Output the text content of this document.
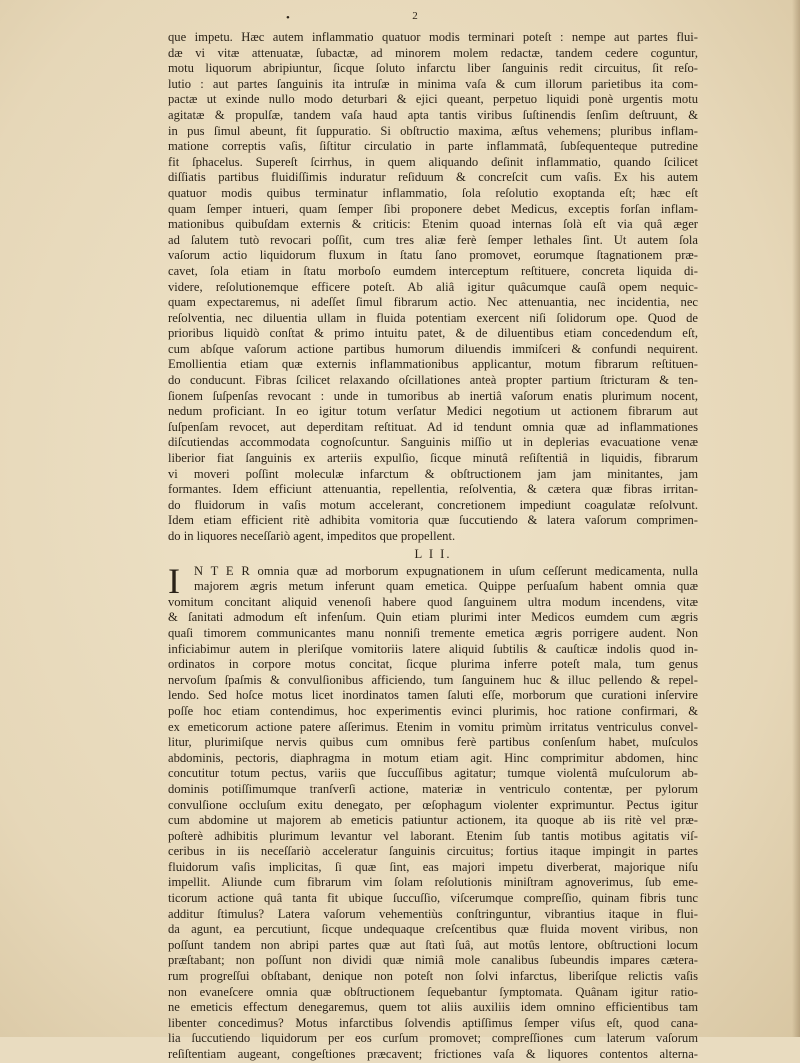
•	2
que impetu. Hæc autem inflammatio quatuor modis terminari poteſt : nempe aut partes flui-
dæ vi vitæ attenuatæ, ſubactæ, ad minorem molem redactæ, tandem cedere coguntur,
motu liquorum abripiuntur, ſicque ſoluto infarctu liber ſanguinis redit circuitus, ſit reſo-
lutio : aut partes ſanguinis ita intruſæ in minima vaſa & cum illorum parietibus ita com-
pactæ ut exinde nullo modo deturbari & ejici queant, perpetuo liquidi ponè urgentis motu
agitatæ & propulſæ, tandem vaſa haud apta tantis viribus ſuſtinendis ſenſim deſtruunt, &
in pus ſimul abeunt, fit ſuppuratio. Si obſtructio maxima, æſtus vehemens; pluribus inflam-
matione correptis vaſis, ſiſtitur circulatio in parte inflammatâ, ſubſequenteque putredine
fit ſphacelus. Supereſt ſcirrhus, in quem aliquando deſinit inflammatio, quando ſcilicet
diſſiatis partibus fluidiſſimis induratur reſiduum & concreſcit cum vaſis. Ex his autem
quatuor modis quibus terminatur inflammatio, ſola reſolutio exoptanda eſt; hæc eſt
quam ſemper intueri, quam ſemper ſibi proponere debet Medicus, exceptis forſan inflam-
mationibus quibuſdam externis & criticis: Etenim quoad internas ſolà eſt via quâ æger
ad ſalutem tutò revocari poſſit, cum tres aliæ ferè ſemper lethales ſint. Ut autem ſola
vaſorum actio liquidorum fluxum in ſtatu ſano promovet, eorumque ſtagnationem præ-
cavet, ſola etiam in ſtatu morboſo eumdem interceptum reſtituere, concreta liquida di-
videre, reſolutionemque efficere poteſt. Ab aliâ igitur quâcumque cauſâ opem nequic-
quam expectaremus, ni adeſſet ſimul fibrarum actio. Nec attenuantia, nec incidentia, nec
reſolventia, nec diluentia ullam in fluida potentiam exercent niſi ſolidorum ope. Quod de
prioribus liquidò conſtat & primo intuitu patet, & de diluentibus etiam concedendum eſt,
cum abſque vaſorum actione partibus humorum diluendis immiſceri & confundi nequirent.
Emollientia etiam quæ externis inflammationibus applicantur, motum fibrarum reſtituen-
do conducunt. Fibras ſcilicet relaxando oſcillationes anteà propter partium ſtricturam & ten-
ſionem ſuſpenſas revocant : unde in tumoribus ab inertiâ vaſorum enatis plurimum nocent,
nedum proficiant. In eo igitur totum verſatur Medici negotium ut actionem fibrarum aut
ſuſpenſam revocet, aut deperditam reſtituat. Ad id tendunt omnia quæ ad inflammationes
diſcutiendas accommodata cognoſcuntur. Sanguinis miſſio ut in deplerias evacuatione venæ
liberior fiat ſanguinis ex arteriis expulſio, ſicque minutâ reſiſtentiâ in liquidis, fibrarum
vi moveri poſſint moleculæ infarctum & obſtructionem jam jam minitantes, jam
formantes. Idem efficiunt attenuantia, repellentia, reſolventia, & cætera quæ fibras irritan-
do fluidorum in vaſis motum accelerant, concretionem impediunt coagulatæ reſolvunt.
Idem etiam efficient ritè adhibita vomitoria quæ ſuccutiendo & latera vaſorum comprimen-
do in liquores neceſſariò agent, impeditos que propellent.
L I I.
I	N T E R omnia quæ ad morborum expugnationem in uſum ceſſerunt medicamenta, nulla
majorem ægris metum inferunt quam emetica. Quippe perſuaſum habent omnia quæ
vomitum concitant aliquid venenoſi habere quod ſanguinem ultra modum incendens, vitæ
& ſanitati admodum eſt infenſum. Quin etiam plurimi inter Medicos eumdem cum ægris
quaſi timorem communicantes manu nonniſi tremente emetica ægris porrigere audent. Non
inficiabimur autem in pleriſque vomitoriis latere aliquid ſubtilis & cauſticæ indolis quod in-
ordinatos in corpore motus concitat, ſicque plurima inferre poteſt mala, tum genus
nervoſum ſpaſmis & convulſionibus afficiendo, tum ſanguinem huc & illuc pellendo & repel-
lendo. Sed hoſce motus licet inordinatos tamen ſaluti eſſe, morborum que curationi inſervire
poſſe hoc etiam contendimus, hoc experimentis evinci plurimis, hoc ratione confirmari, &
ex emeticorum actione patere aſſerimus. Etenim in vomitu primùm irritatus ventriculus convel-
litur, plurimiſque nervis quibus cum omnibus ferè partibus conſenſum habet, muſculos
abdominis, pectoris, diaphragma in motum etiam agit. Hinc comprimitur abdomen, hinc
concutitur totum pectus, variis que ſuccuſſibus agitatur; tumque violentâ muſculorum ab-
dominis potiſſimumque tranſverſi actione, materiæ in ventriculo contentæ, per pylorum
convulſione occluſum exitu denegato, per œſophagum violenter exprimuntur. Pectus igitur
cum abdomine ut majorem ab emeticis patiuntur actionem, ita quoque ab iis ritè vel præ-
poſterè adhibitis plurimum levantur vel laborant. Etenim ſub tantis motibus agitatis viſ-
ceribus in iis neceſſariò acceleratur ſanguinis circuitus; fortius itaque impingit in partes
fluidorum vaſis implicitas, ſi quæ ſint, eas majori impetu diverberat, majorique niſu
impellit. Aliunde cum fibrarum vim ſolam reſolutionis miniſtram agnoverimus, ſub eme-
ticorum actione quâ tanta fit ubique ſuccuſſio, viſcerumque compreſſio, quinam fibris tunc
additur ſtimulus? Latera vaſorum vehementiùs conſtringuntur, vibrantius itaque in flui-
da agunt, ea percutiunt, ſicque undequaque creſcentibus quæ fluida movent viribus, non
poſſunt tandem non abripi partes quæ aut ſtatì ſuâ, aut motûs lentore, obſtructioni locum
præſtabant; non poſſunt non dividi quæ nimiâ mole canalibus ſubeundis impares cætera-
rum progreſſui obſtabant, denique non poteſt non ſolvi infarctus, liberiſque relictis vaſis
non evaneſcere omnia quæ obſtructionem ſequebantur ſymptomata. Quânam igitur ratio-
ne emeticis effectum denegaremus, quem tot aliis auxiliis idem omnino efficientibus tam
libenter concedimus? Motus infarctibus ſolvendis aptiſſimus ſemper viſus eſt, quod cana-
lia ſuccutiendo liquidorum per eos curſum promovet; compreſſiones cum laterum vaſorum
reſiſtentiam augeant, congeſtiones præcavent; frictiones vaſa & liquores contentos alterna-
